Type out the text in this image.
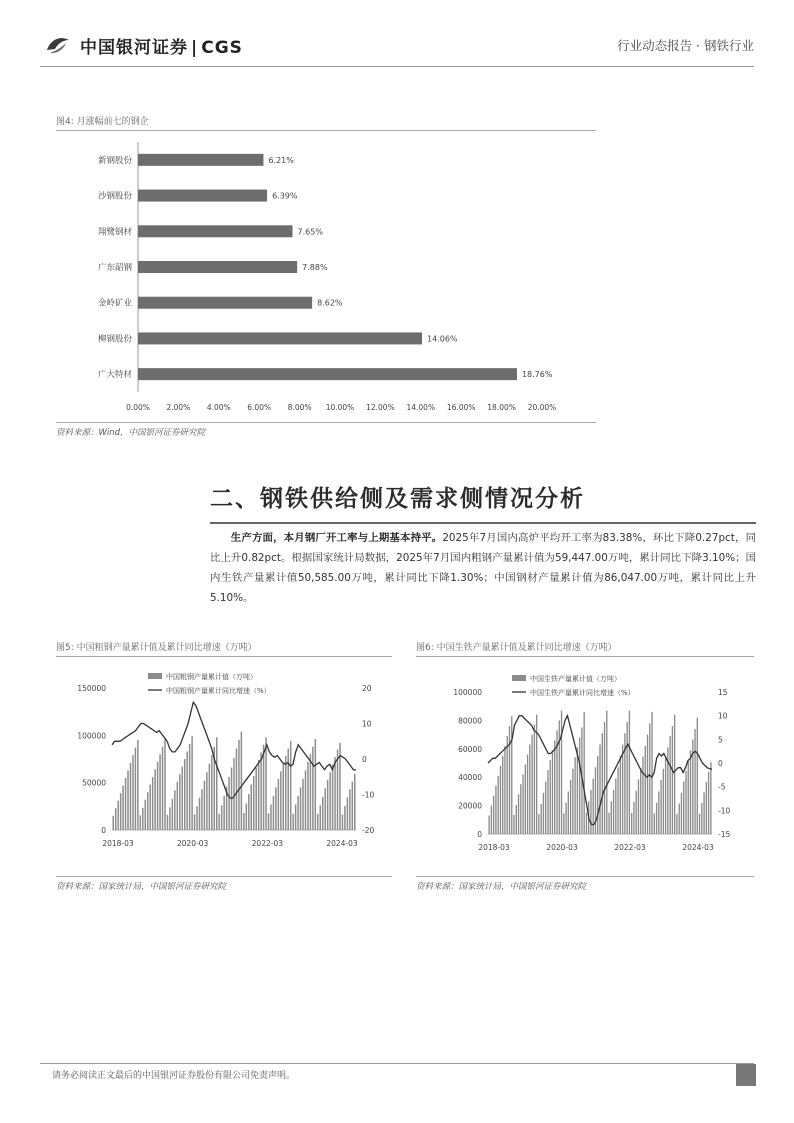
中国银河证券 | CGS	行业动态报告 · 钢铁行业
图4: 月涨幅前七的钢企
新钢股份	6.21%
沙钢股份	6.39%
翔鹭钢材	7.65%
广东韶钢	7.88%
金岭矿业	8.62%
柳钢股份	14.06%
广大特材	18.76%
0.00% 2.00% 4.00% 6.00% 8.00% 10.00% 12.00% 14.00% 16.00% 18.00% 20.00%
资料来源：Wind，中国银河证券研究院
二、钢铁供给侧及需求侧情况分析
生产方面，本月钢厂开工率与上期基本持平。2025年7月国内高炉平均开工率为83.38%，环比下降0.27pct，同比上升0.82pct。根据国家统计局数据，2025年7月国内粗钢产量累计值为59,447.00万吨，累计同比下降3.10%；国内生铁产量累计值50,585.00万吨，累计同比下降1.30%；中国钢材产量累计值为86,047.00万吨，累计同比上升5.10%。
图5: 中国粗钢产量累计值及累计同比增速（万吨）
150000
100000
50000
0
20
10
0
-10
-20
2018-03	2020-03	2022-03	2024-03
中国粗钢产量累计值（万吨）
中国粗钢产量累计同比增速（%）
资料来源：国家统计局，中国银河证券研究院
图6: 中国生铁产量累计值及累计同比增速（万吨）
100000
80000
60000
40000
20000
0
15
10
5
0
-5
-10
-15
2018-03	2020-03	2022-03	2024-03
中国生铁产量累计值（万吨）
中国生铁产量累计同比增速（%）
资料来源：国家统计局，中国银河证券研究院
请务必阅读正文最后的中国银河证券股份有限公司免责声明。
